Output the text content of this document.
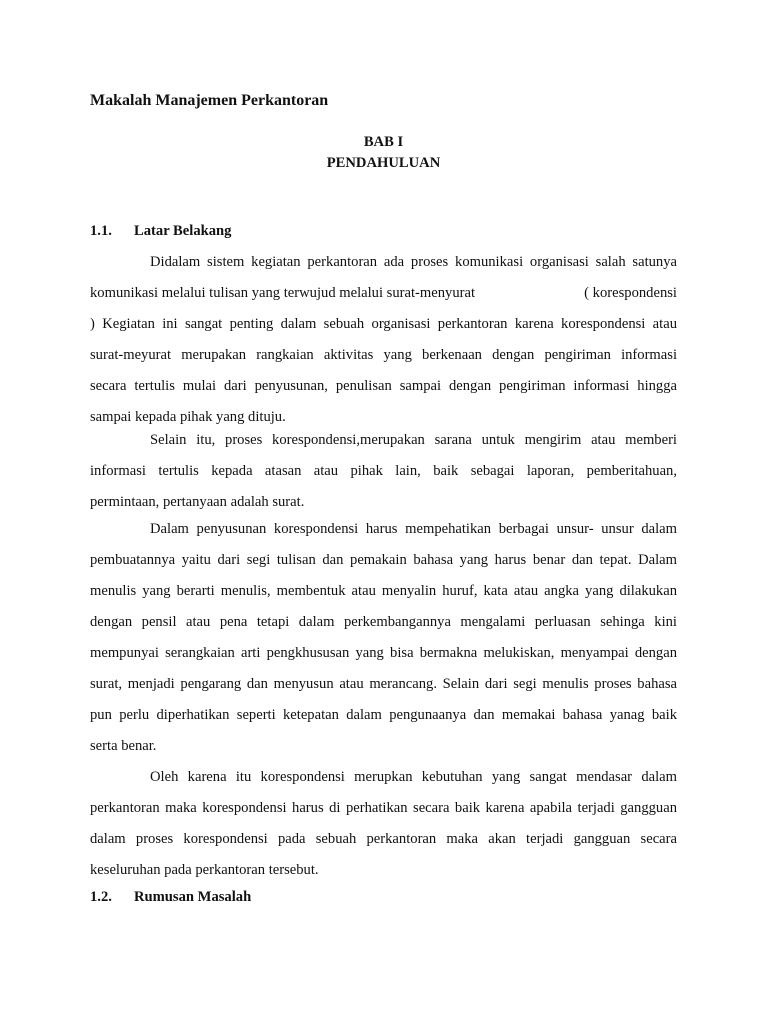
Makalah Manajemen Perkantoran
BAB I
PENDAHULUAN
1.1. Latar Belakang
Didalam sistem kegiatan perkantoran ada proses komunikasi organisasi salah satunya
komunikasi melalui tulisan yang terwujud melalui surat-menyurat	( korespondensi
) Kegiatan ini sangat penting dalam sebuah organisasi perkantoran karena korespondensi atau
surat-meyurat merupakan rangkaian aktivitas yang berkenaan dengan pengiriman informasi
secara tertulis mulai dari penyusunan, penulisan sampai dengan pengiriman informasi hingga
sampai kepada pihak yang dituju.
Selain itu, proses korespondensi,merupakan sarana untuk mengirim atau memberi
informasi tertulis kepada atasan atau pihak lain, baik sebagai laporan, pemberitahuan,
permintaan, pertanyaan adalah surat.
Dalam penyusunan korespondensi harus mempehatikan berbagai unsur- unsur dalam
pembuatannya yaitu dari segi tulisan dan pemakain bahasa yang harus benar dan tepat. Dalam
menulis yang berarti menulis, membentuk atau menyalin huruf, kata atau angka yang dilakukan
dengan pensil atau pena tetapi dalam perkembangannya mengalami perluasan sehinga kini
mempunyai serangkaian arti pengkhususan yang bisa bermakna melukiskan, menyampai dengan
surat, menjadi pengarang dan menyusun atau merancang. Selain dari segi menulis proses bahasa
pun perlu diperhatikan seperti ketepatan dalam pengunaanya dan memakai bahasa yanag baik
serta benar.
Oleh karena itu korespondensi merupkan kebutuhan yang sangat mendasar dalam
perkantoran maka korespondensi harus di perhatikan secara baik karena apabila terjadi gangguan
dalam proses korespondensi pada sebuah perkantoran maka akan terjadi gangguan secara
keseluruhan pada perkantoran tersebut.
1.2. Rumusan Masalah
